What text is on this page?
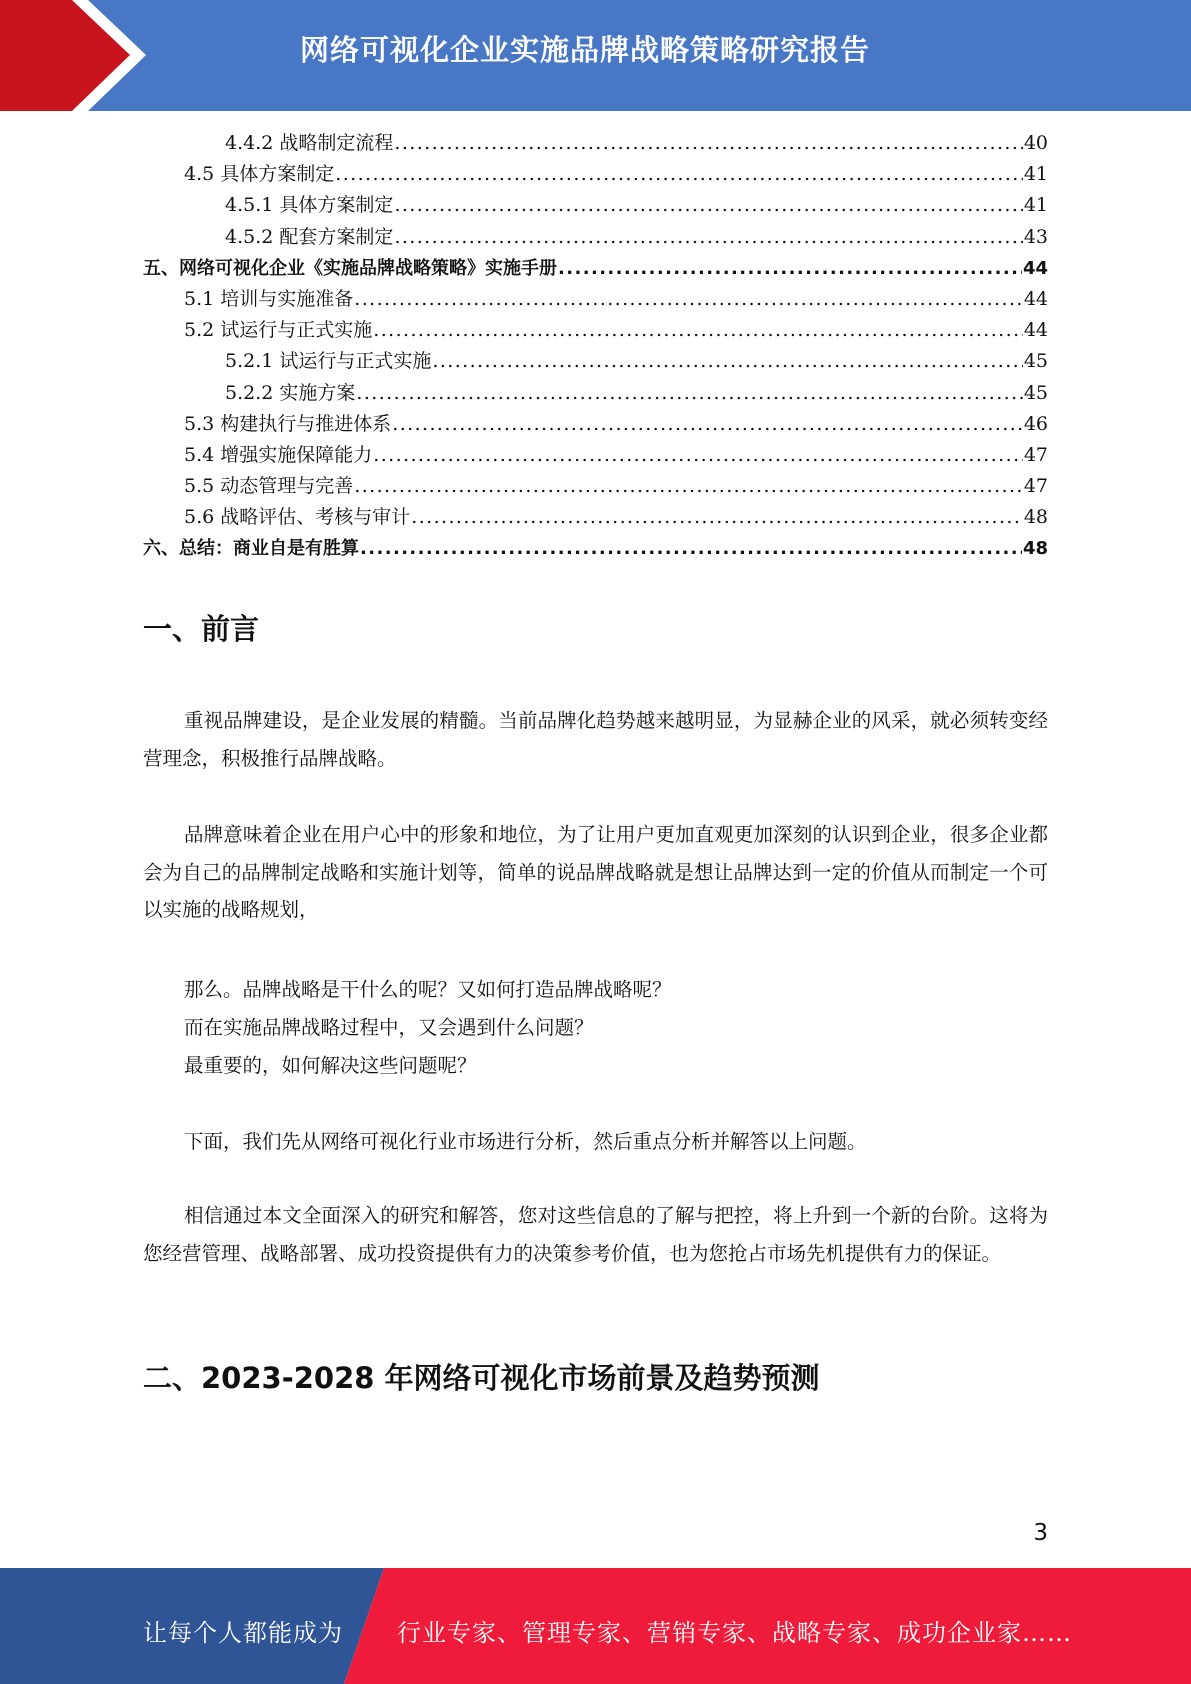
网络可视化企业实施品牌战略策略研究报告
4.4.2 战略制定流程 .....	40
4.5 具体方案制定 .....	41
4.5.1 具体方案制定 .....	41
4.5.2 配套方案制定 .....	43
五、网络可视化企业《实施品牌战略策略》实施手册 .....	44
5.1 培训与实施准备 .....	44
5.2 试运行与正式实施 .....	44
5.2.1 试运行与正式实施 .....	45
5.2.2 实施方案 .....	45
5.3 构建执行与推进体系 .....	46
5.4 增强实施保障能力 .....	47
5.5 动态管理与完善 .....	47
5.6 战略评估、考核与审计 .....	48
六、总结：商业自是有胜算 .....	48
一、前言
重视品牌建设，是企业发展的精髓。当前品牌化趋势越来越明显，为显赫企业的风采，就必须转变经营理念，积极推行品牌战略。
品牌意味着企业在用户心中的形象和地位，为了让用户更加直观更加深刻的认识到企业，很多企业都会为自己的品牌制定战略和实施计划等，简单的说品牌战略就是想让品牌达到一定的价值从而制定一个可以实施的战略规划，
那么。品牌战略是干什么的呢？又如何打造品牌战略呢？
而在实施品牌战略过程中，又会遇到什么问题？
最重要的，如何解决这些问题呢？
下面，我们先从网络可视化行业市场进行分析，然后重点分析并解答以上问题。
相信通过本文全面深入的研究和解答，您对这些信息的了解与把控，将上升到一个新的台阶。这将为您经营管理、战略部署、成功投资提供有力的决策参考价值，也为您抢占市场先机提供有力的保证。
二、2023-2028 年网络可视化市场前景及趋势预测
3
让每个人都能成为 行业专家、管理专家、营销专家、战略专家、成功企业家……
